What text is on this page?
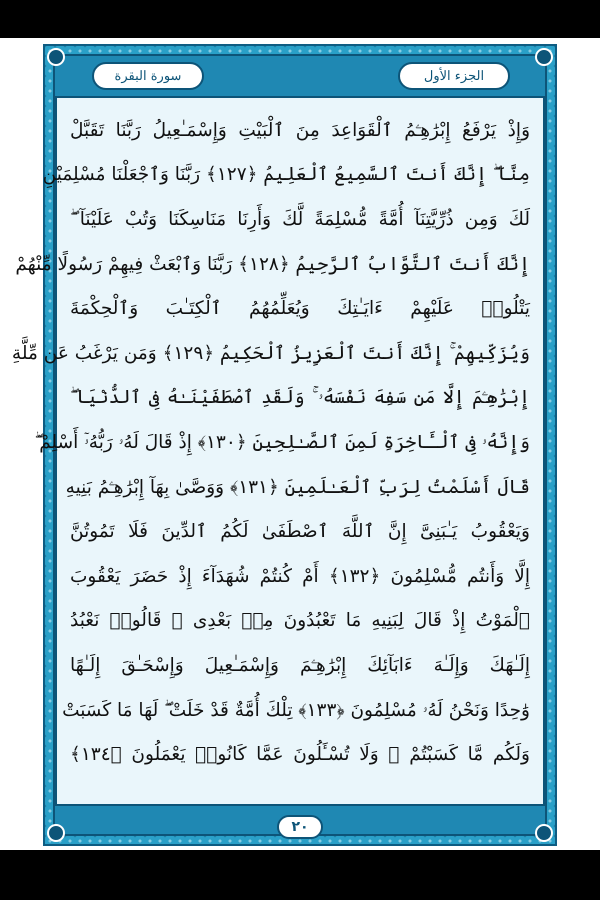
سورة البقرة	الجزء الأول
وَإِذْ يَرْفَعُ إِبْرَٰهِـۧمُ ٱلْقَوَاعِدَ مِنَ ٱلْبَيْتِ وَإِسْمَـٰعِيلُ رَبَّنَا تَقَبَّلْ
مِنَّآ ۖ إِنَّكَ أَنتَ ٱلسَّمِيعُ ٱلْعَلِيمُ ﴿١٢٧﴾ رَبَّنَا وَٱجْعَلْنَا مُسْلِمَيْنِ
لَكَ وَمِن ذُرِّيَّتِنَآ أُمَّةً مُّسْلِمَةً لَّكَ وَأَرِنَا مَنَاسِكَنَا وَتُبْ عَلَيْنَآ ۖ
إِنَّكَ أَنتَ ٱلتَّوَّابُ ٱلرَّحِيمُ ﴿١٢٨﴾ رَبَّنَا وَٱبْعَثْ فِيهِمْ رَسُولًا مِّنْهُمْ
يَتْلُوا۟ عَلَيْهِمْ ءَايَـٰتِكَ وَيُعَلِّمُهُمُ ٱلْكِتَـٰبَ وَٱلْحِكْمَةَ
وَيُزَكِّيهِمْ ۚ إِنَّكَ أَنتَ ٱلْعَزِيزُ ٱلْحَكِيمُ ﴿١٢٩﴾ وَمَن يَرْغَبُ عَن مِّلَّةِ
إِبْرَٰهِـۧمَ إِلَّا مَن سَفِهَ نَفْسَهُۥ ۚ وَلَقَدِ ٱصْطَفَيْنَـٰهُ فِى ٱلدُّنْيَا ۖ
وَإِنَّهُۥ فِى ٱلْـَٔاخِرَةِ لَمِنَ ٱلصَّـٰلِحِينَ ﴿١٣٠﴾ إِذْ قَالَ لَهُۥ رَبُّهُۥٓ أَسْلِمْ ۖ
قَالَ أَسْلَمْتُ لِرَبِّ ٱلْعَـٰلَمِينَ ﴿١٣١﴾ وَوَصَّىٰ بِهَآ إِبْرَٰهِـۧمُ بَنِيهِ
وَيَعْقُوبُ يَـٰبَنِىَّ إِنَّ ٱللَّهَ ٱصْطَفَىٰ لَكُمُ ٱلدِّينَ فَلَا تَمُوتُنَّ
إِلَّا وَأَنتُم مُّسْلِمُونَ ﴿١٣٢﴾ أَمْ كُنتُمْ شُهَدَآءَ إِذْ حَضَرَ يَعْقُوبَ
ٱلْمَوْتُ إِذْ قَالَ لِبَنِيهِ مَا تَعْبُدُونَ مِنۢ بَعْدِى ۖ قَالُوا۟ نَعْبُدُ
إِلَـٰهَكَ وَإِلَـٰهَ ءَابَآئِكَ إِبْرَٰهِـۧمَ وَإِسْمَـٰعِيلَ وَإِسْحَـٰقَ إِلَـٰهًا
وَٰحِدًا وَنَحْنُ لَهُۥ مُسْلِمُونَ ﴿١٣٣﴾ تِلْكَ أُمَّةٌ قَدْ خَلَتْ ۖ لَهَا مَا كَسَبَتْ
وَلَكُم مَّا كَسَبْتُمْ ۖ وَلَا تُسْـَٔلُونَ عَمَّا كَانُوا۟ يَعْمَلُونَ ﴿١٣٤﴾
٢٠
